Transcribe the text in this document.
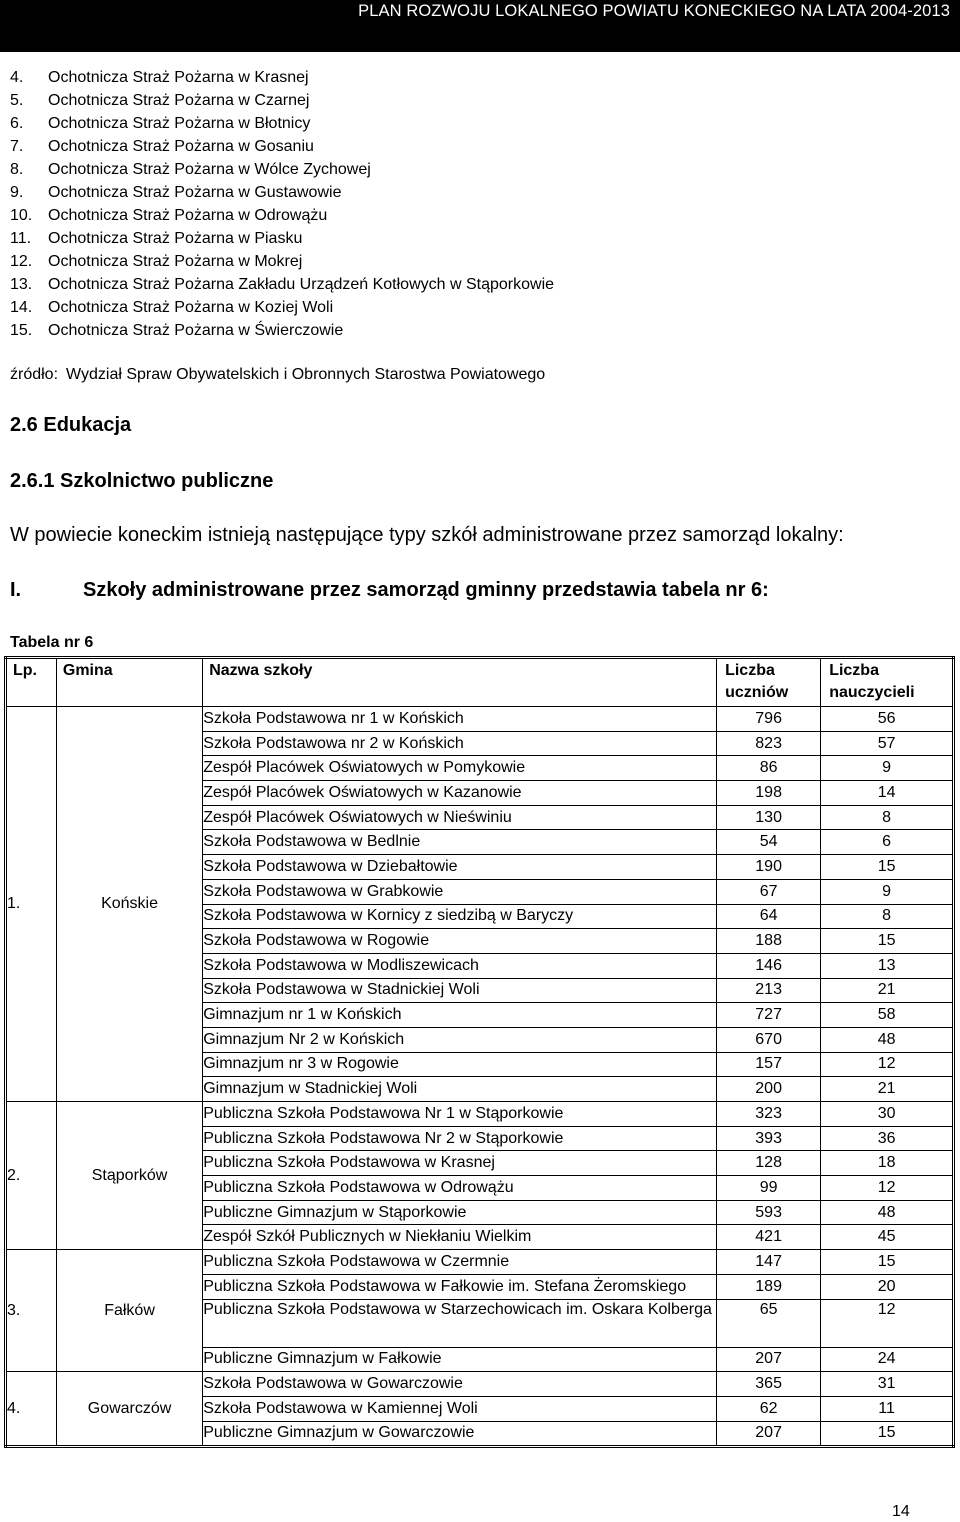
PLAN ROZWOJU LOKALNEGO POWIATU KONECKIEGO NA LATA 2004-2013
4. Ochotnicza Straż Pożarna w Krasnej
5. Ochotnicza Straż Pożarna w Czarnej
6. Ochotnicza Straż Pożarna w Błotnicy
7. Ochotnicza Straż Pożarna w Gosaniu
8. Ochotnicza Straż Pożarna w Wólce Zychowej
9. Ochotnicza Straż Pożarna w Gustawowie
10. Ochotnicza Straż Pożarna w Odrowążu
11. Ochotnicza Straż Pożarna w Piasku
12. Ochotnicza Straż Pożarna w Mokrej
13. Ochotnicza Straż Pożarna Zakładu Urządzeń Kotłowych w Stąporkowie
14. Ochotnicza Straż Pożarna w Koziej Woli
15. Ochotnicza Straż Pożarna w Świerczowie
źródło: Wydział Spraw Obywatelskich i Obronnych Starostwa Powiatowego
2.6 Edukacja
2.6.1 Szkolnictwo publiczne
W powiecie koneckim istnieją następujące typy szkół administrowane przez samorząd lokalny:
I.	Szkoły administrowane przez samorząd gminny przedstawia tabela nr 6:
Tabela nr 6
Lp.	Gmina	Nazwa szkoły	Liczba uczniów	Liczba nauczycieli
1.	Końskie	Szkoła Podstawowa nr 1 w Końskich	796	56
		Szkoła Podstawowa nr 2 w Końskich	823	57
		Zespół Placówek Oświatowych w Pomykowie	86	9
		Zespół Placówek Oświatowych w Kazanowie	198	14
		Zespół Placówek Oświatowych w Nieświniu	130	8
		Szkoła Podstawowa w Bedlnie	54	6
		Szkoła Podstawowa w Dziebałtowie	190	15
		Szkoła Podstawowa w Grabkowie	67	9
		Szkoła Podstawowa w Kornicy z siedzibą w Baryczy	64	8
		Szkoła Podstawowa w Rogowie	188	15
		Szkoła Podstawowa w Modliszewicach	146	13
		Szkoła Podstawowa w Stadnickiej Woli	213	21
		Gimnazjum nr 1 w Końskich	727	58
		Gimnazjum Nr 2 w Końskich	670	48
		Gimnazjum nr 3 w Rogowie	157	12
		Gimnazjum w Stadnickiej Woli	200	21
2.	Stąporków	Publiczna Szkoła Podstawowa Nr 1 w Stąporkowie	323	30
		Publiczna Szkoła Podstawowa Nr 2 w Stąporkowie	393	36
		Publiczna Szkoła Podstawowa w Krasnej	128	18
		Publiczna Szkoła Podstawowa w Odrowążu	99	12
		Publiczne Gimnazjum w Stąporkowie	593	48
		Zespół Szkół Publicznych w Niekłaniu Wielkim	421	45
3.	Fałków	Publiczna Szkoła Podstawowa w Czermnie	147	15
		Publiczna Szkoła Podstawowa w Fałkowie im. Stefana Żeromskiego	189	20
		Publiczna Szkoła Podstawowa w Starzechowicach im. Oskara Kolberga	65	12
		Publiczne Gimnazjum w Fałkowie	207	24
4.	Gowarczów	Szkoła Podstawowa w Gowarczowie	365	31
		Szkoła Podstawowa w Kamiennej Woli	62	11
		Publiczne Gimnazjum w Gowarczowie	207	15
14
